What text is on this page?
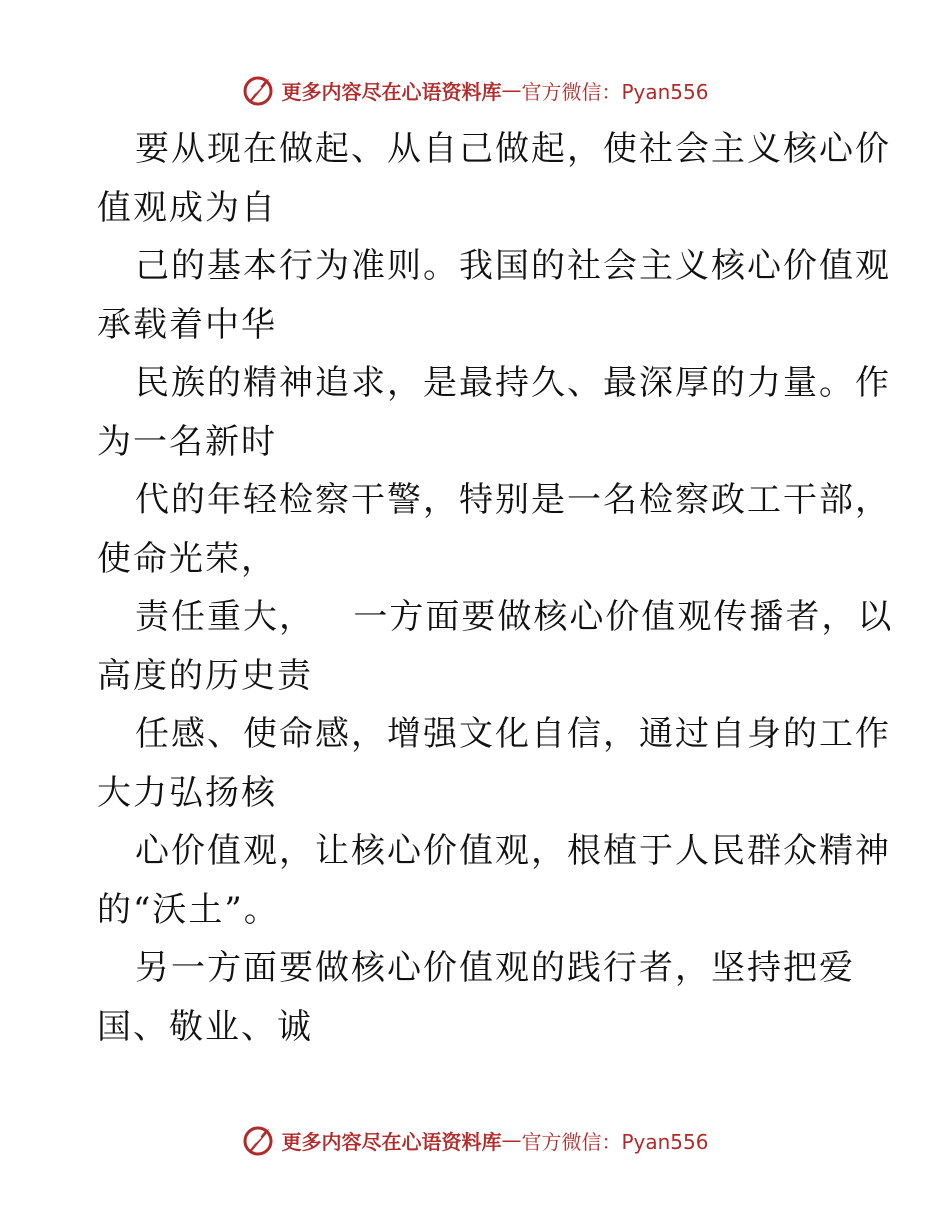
更多内容尽在心语资料库 — 官方微信：Pyan556
要从现在做起、从自己做起，使社会主义核心价
值观成为自
己的基本行为准则。我国的社会主义核心价值观
承载着中华
民族的精神追求，是最持久、最深厚的力量。作
为一名新时
代的年轻检察干警，特别是一名检察政工干部，
使命光荣，
责任重大，   一方面要做核心价值观传播者，以
高度的历史责
任感、使命感，增强文化自信，通过自身的工作
大力弘扬核
心价值观，让核心价值观，根植于人民群众精神
的“沃土”。
另一方面要做核心价值观的践行者，坚持把爱
国、敬业、诚
更多内容尽在心语资料库 — 官方微信：Pyan556
